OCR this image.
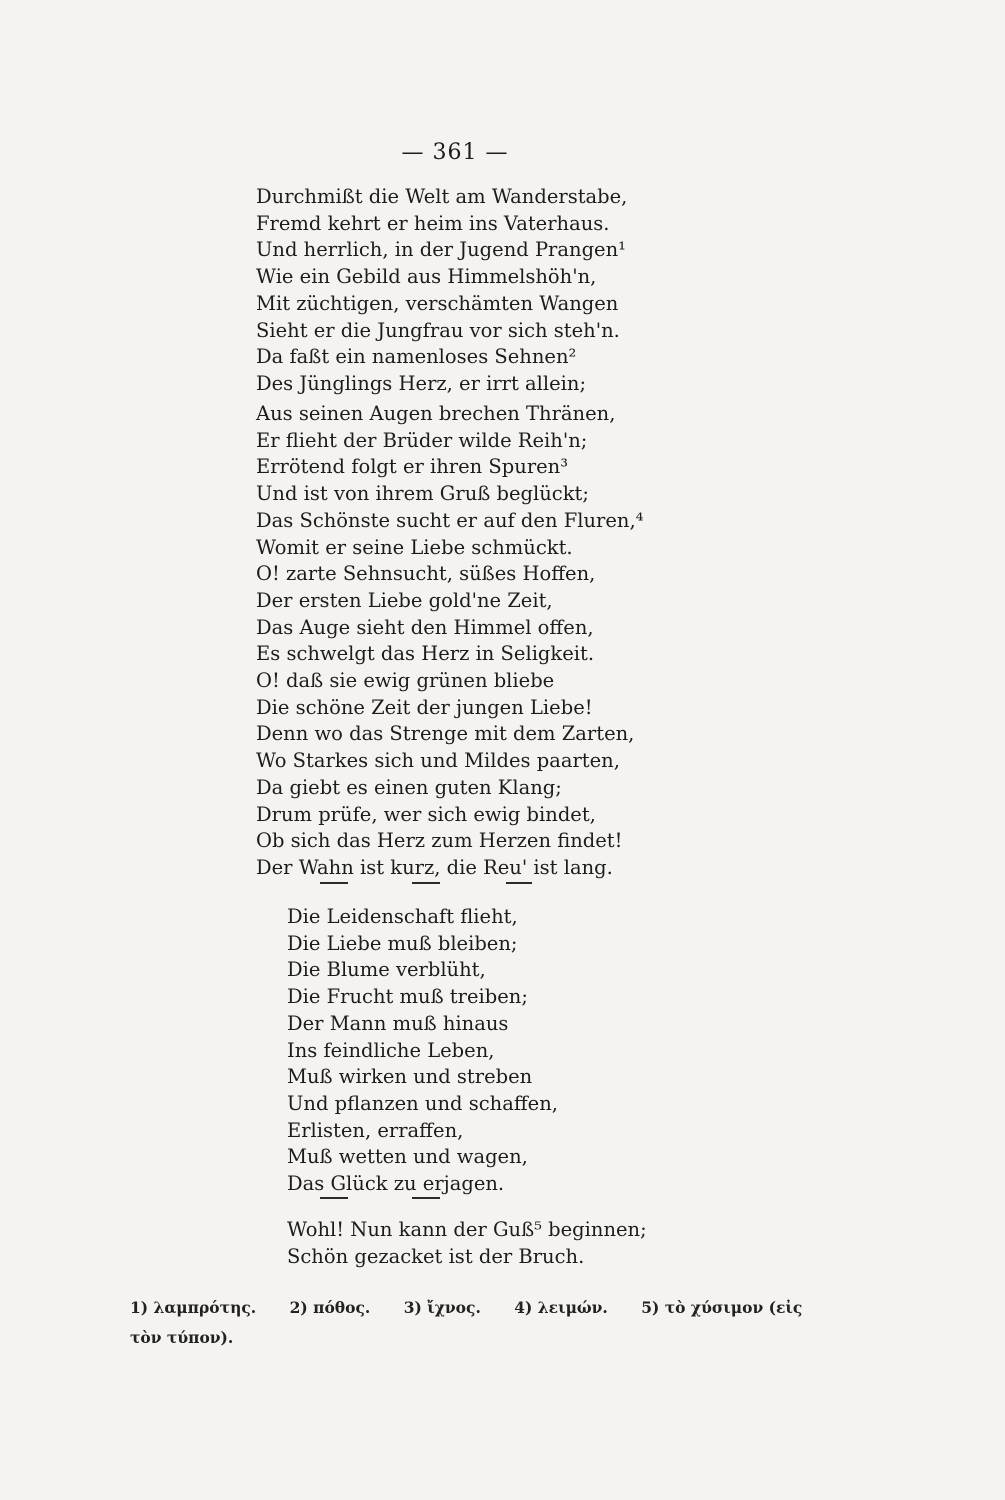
— 361 —
Durchmißt die Welt am Wanderstabe,
Fremd kehrt er heim ins Vaterhaus.
Und herrlich, in der Jugend Prangen¹
Wie ein Gebild aus Himmelshöh'n,
Mit züchtigen, verschämten Wangen
Sieht er die Jungfrau vor sich steh'n.
Da faßt ein namenloses Sehnen²
Des Jünglings Herz, er irrt allein;
Aus seinen Augen brechen Thränen,
Er flieht der Brüder wilde Reih'n;
Errötend folgt er ihren Spuren³
Und ist von ihrem Gruß beglückt;
Das Schönste sucht er auf den Fluren,⁴
Womit er seine Liebe schmückt.
O! zarte Sehnsucht, süßes Hoffen,
Der ersten Liebe gold'ne Zeit,
Das Auge sieht den Himmel offen,
Es schwelgt das Herz in Seligkeit.
O! daß sie ewig grünen bliebe
Die schöne Zeit der jungen Liebe!
Denn wo das Strenge mit dem Zarten,
Wo Starkes sich und Mildes paarten,
Da giebt es einen guten Klang;
Drum prüfe, wer sich ewig bindet,
Ob sich das Herz zum Herzen findet!
Der Wahn ist kurz, die Reu' ist lang.
Die Leidenschaft flieht,
Die Liebe muß bleiben;
Die Blume verblüht,
Die Frucht muß treiben;
Der Mann muß hinaus
Ins feindliche Leben,
Muß wirken und streben
Und pflanzen und schaffen,
Erlisten, erraffen,
Muß wetten und wagen,
Das Glück zu erjagen.
Wohl! Nun kann der Guß⁵ beginnen;
Schön gezacket ist der Bruch.
1) λαμπρότης. 2) πόθος. 3) ἴχνος. 4) λειμών. 5) τὸ χύσιμον (εἰς τὸν τύπον).
